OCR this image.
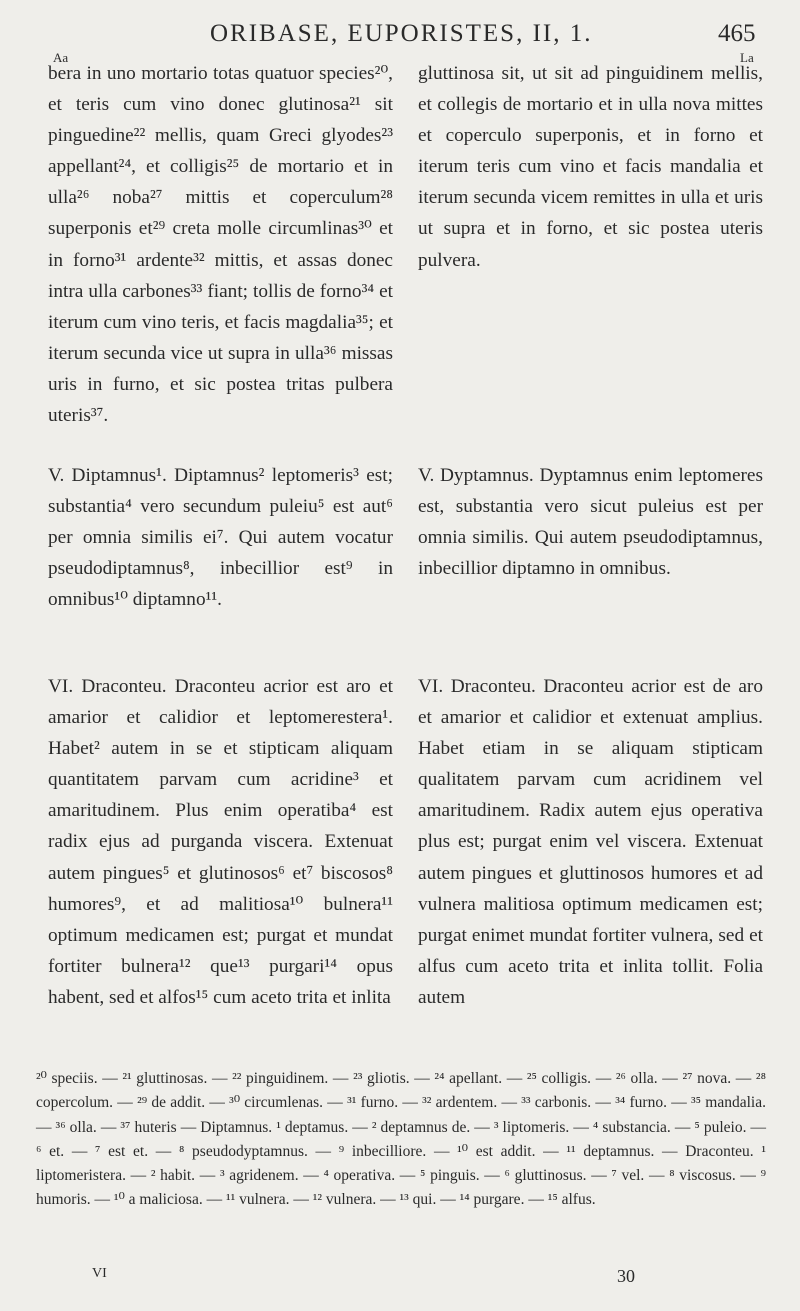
ORIBASE, EUPORISTES, II, 1.	465
Aa	La

bera in uno mortario totas quatuor species²⁰, et teris cum vino donec glutinosa²¹ sit pinguedine²² mellis, quam Greci glyodes²³ appellant²⁴, et colligis²⁵ de mortario et in ulla²⁶ noba²⁷ mittis et coperculum²⁸ superponis et²⁹ creta molle circumlinas³⁰ et in forno³¹ ardente³² mittis, et assas donec intra ulla carbones³³ fiant; tollis de forno³⁴ et iterum cum vino teris, et facis magdalia³⁵; et iterum secunda vice ut supra in ulla³⁶ missas uris in furno, et sic postea tritas pulbera uteris³⁷.

V. Diptamnus¹. Diptamnus² leptomeris³ est; substantia⁴ vero secundum puleiu⁵ est aut⁶ per omnia similis ei⁷. Qui autem vocatur pseudodiptamnus⁸, inbecillior est⁹ in omnibus¹⁰ diptamno¹¹.

VI. Draconteu. Draconteu acrior est aro et amarior et calidior et leptomerestera¹. Habet² autem in se et stipticam aliquam quantitatem parvam cum acridine³ et amaritudinem. Plus enim operatiba⁴ est radix ejus ad purganda viscera. Extenuat autem pingues⁵ et glutinosos⁶ et⁷ biscosos⁸ humores⁹, et ad malitiosa¹⁰ bulnera¹¹ optimum medicamen est; purgat et mundat fortiter bulnera¹² que¹³ purgari¹⁴ opus habent, sed et alfos¹⁵ cum aceto trita et inlita

gluttinosa sit, ut sit ad pinguidinem mellis, et collegis de mortario et in ulla nova mittes et coperculo superponis, et in forno et iterum teris cum vino et facis mandalia et iterum secunda vicem remittes in ulla et uris ut supra et in forno, et sic postea uteris pulvera.

V. Dyptamnus. Dyptamnus enim leptomeres est, substantia vero sicut puleius est per omnia similis. Qui autem pseudodiptamnus, inbecillior diptamno in omnibus.

VI. Draconteu. Draconteu acrior est de aro et amarior et calidior et extenuat amplius. Habet etiam in se aliquam stipticam qualitatem parvam cum acridinem vel amaritudinem. Radix autem ejus operativa plus est; purgat enim vel viscera. Extenuat autem pingues et gluttinosos humores et ad vulnera malitiosa optimum medicamen est; purgat enimet mundat fortiter vulnera, sed et alfus cum aceto trita et inlita tollit. Folia autem

²⁰ speciis. — ²¹ gluttinosas. — ²² pinguidinem. — ²³ gliotis. — ²⁴ apellant. — ²⁵ colligis. — ²⁶ olla. — ²⁷ nova. — ²⁸ copercolum. — ²⁹ de addit. — ³⁰ circumlenas. — ³¹ furno. — ³² ardentem. — ³³ carbonis. — ³⁴ furno. — ³⁵ mandalia. — ³⁶ olla. — ³⁷ huteris — Diptamnus. ¹ deptamus. — ² deptamnus de. — ³ liptomeris. — ⁴ substancia. — ⁵ puleio. — ⁶ et. — ⁷ est et. — ⁸ pseudodyptamnus. — ⁹ inbecilliore. — ¹⁰ est addit. — ¹¹ deptamnus. — Draconteu. ¹ liptomeristera. — ² habit. — ³ agridenem. — ⁴ operativa. — ⁵ pinguis. — ⁶ gluttinosus. — ⁷ vel. — ⁸ viscosus. — ⁹ humoris. — ¹⁰ a maliciosa. — ¹¹ vulnera. — ¹² vulnera. — ¹³ qui. — ¹⁴ purgare. — ¹⁵ alfus.

VI	30
